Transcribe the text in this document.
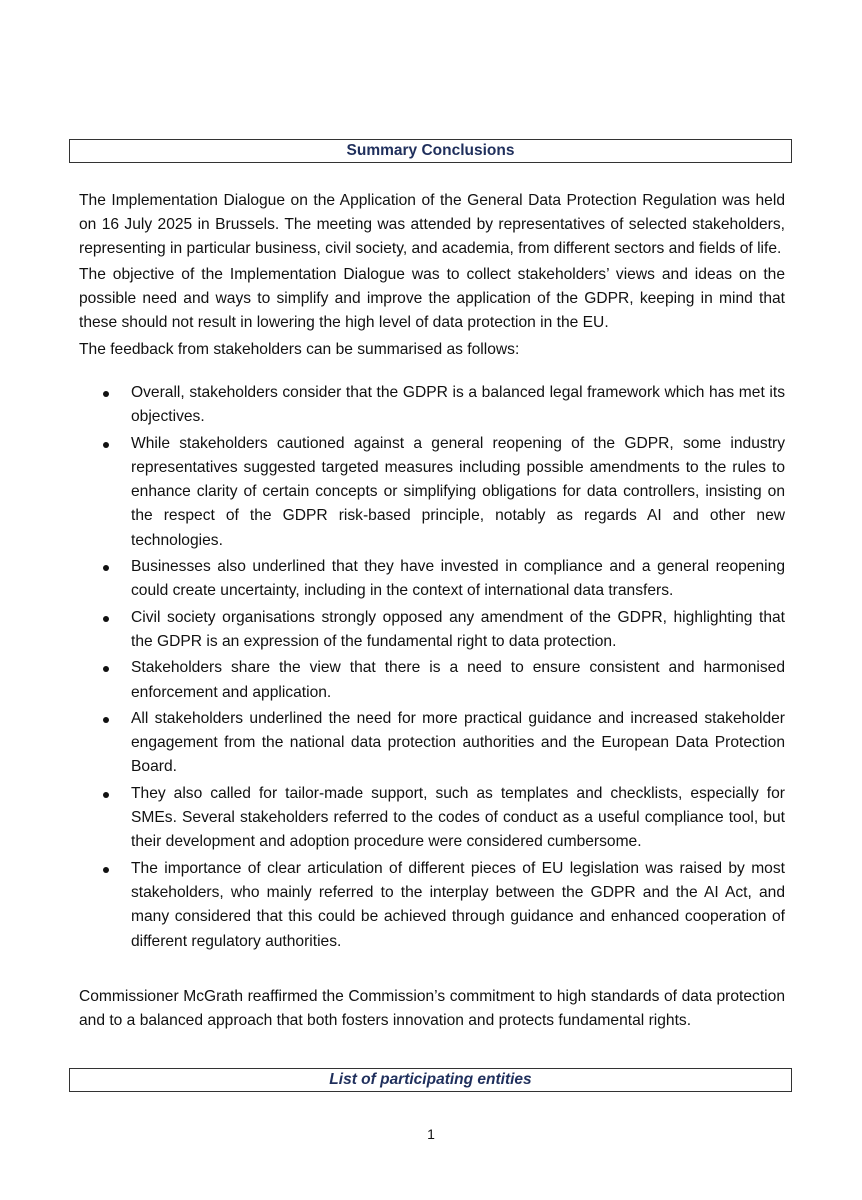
Summary Conclusions

The Implementation Dialogue on the Application of the General Data Protection Regulation was held on 16 July 2025 in Brussels. The meeting was attended by representatives of selected stakeholders, representing in particular business, civil society, and academia, from different sectors and fields of life.

The objective of the Implementation Dialogue was to collect stakeholders’ views and ideas on the possible need and ways to simplify and improve the application of the GDPR, keeping in mind that these should not result in lowering the high level of data protection in the EU.

The feedback from stakeholders can be summarised as follows:

Overall, stakeholders consider that the GDPR is a balanced legal framework which has met its objectives.
While stakeholders cautioned against a general reopening of the GDPR, some industry representatives suggested targeted measures including possible amendments to the rules to enhance clarity of certain concepts or simplifying obligations for data controllers, insisting on the respect of the GDPR risk-based principle, notably as regards AI and other new technologies.
Businesses also underlined that they have invested in compliance and a general reopening could create uncertainty, including in the context of international data transfers.
Civil society organisations strongly opposed any amendment of the GDPR, highlighting that the GDPR is an expression of the fundamental right to data protection.
Stakeholders share the view that there is a need to ensure consistent and harmonised enforcement and application.
All stakeholders underlined the need for more practical guidance and increased stakeholder engagement from the national data protection authorities and the European Data Protection Board.
They also called for tailor-made support, such as templates and checklists, especially for SMEs. Several stakeholders referred to the codes of conduct as a useful compliance tool, but their development and adoption procedure were considered cumbersome.
The importance of clear articulation of different pieces of EU legislation was raised by most stakeholders, who mainly referred to the interplay between the GDPR and the AI Act, and many considered that this could be achieved through guidance and enhanced cooperation of different regulatory authorities.

Commissioner McGrath reaffirmed the Commission’s commitment to high standards of data protection and to a balanced approach that both fosters innovation and protects fundamental rights.

List of participating entities
1
